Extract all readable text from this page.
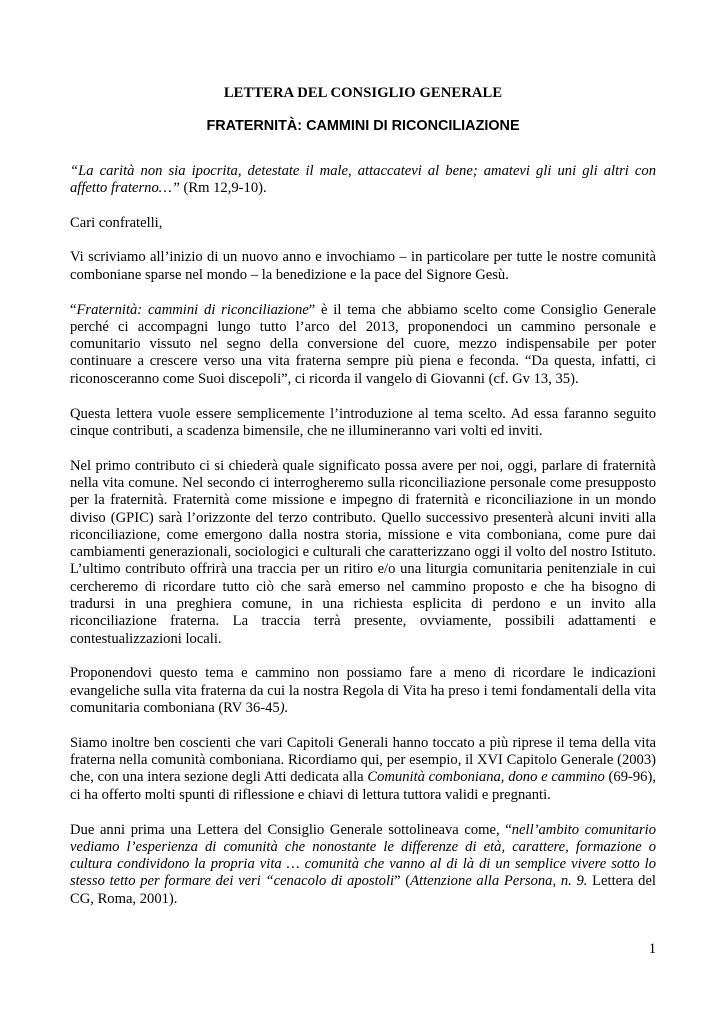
LETTERA DEL CONSIGLIO GENERALE
FRATERNITÀ: CAMMINI DI RICONCILIAZIONE

“La carità non sia ipocrita, detestate il male, attaccatevi al bene; amatevi gli uni gli altri con affetto fraterno…” (Rm 12,9-10).

Cari confratelli,

Vi scriviamo all’inizio di un nuovo anno e invochiamo – in particolare per tutte le nostre comunità comboniane sparse nel mondo – la benedizione e la pace del Signore Gesù.

“Fraternità: cammini di riconciliazione” è il tema che abbiamo scelto come Consiglio Generale perché ci accompagni lungo tutto l’arco del 2013, proponendoci un cammino personale e comunitario vissuto nel segno della conversione del cuore, mezzo indispensabile per poter continuare a crescere verso una vita fraterna sempre più piena e feconda. “Da questa, infatti, ci riconosceranno come Suoi discepoli”, ci ricorda il vangelo di Giovanni (cf. Gv 13, 35).

Questa lettera vuole essere semplicemente l’introduzione al tema scelto. Ad essa faranno seguito cinque contributi, a scadenza bimensile, che ne illumineranno vari volti ed inviti.

Nel primo contributo ci si chiederà quale significato possa avere per noi, oggi, parlare di fraternità nella vita comune. Nel secondo ci interrogheremo sulla riconciliazione personale come presupposto per la fraternità. Fraternità come missione e impegno di fraternità e riconciliazione in un mondo diviso (GPIC) sarà l’orizzonte del terzo contributo. Quello successivo presenterà alcuni inviti alla riconciliazione, come emergono dalla nostra storia, missione e vita comboniana, come pure dai cambiamenti generazionali, sociologici e culturali che caratterizzano oggi il volto del nostro Istituto. L’ultimo contributo offrirà una traccia per un ritiro e/o una liturgia comunitaria penitenziale in cui cercheremo di ricordare tutto ciò che sarà emerso nel cammino proposto e che ha bisogno di tradursi in una preghiera comune, in una richiesta esplicita di perdono e un invito alla riconciliazione fraterna. La traccia terrà presente, ovviamente, possibili adattamenti e contestualizzazioni locali.

Proponendovi questo tema e cammino non possiamo fare a meno di ricordare le indicazioni evangeliche sulla vita fraterna da cui la nostra Regola di Vita ha preso i temi fondamentali della vita comunitaria comboniana (RV 36-45).

Siamo inoltre ben coscienti che vari Capitoli Generali hanno toccato a più riprese il tema della vita fraterna nella comunità comboniana. Ricordiamo qui, per esempio, il XVI Capitolo Generale (2003) che, con una intera sezione degli Atti dedicata alla Comunità comboniana, dono e cammino (69-96), ci ha offerto molti spunti di riflessione e chiavi di lettura tuttora validi e pregnanti.

Due anni prima una Lettera del Consiglio Generale sottolineava come, “nell’ambito comunitario vediamo l’esperienza di comunità che nonostante le differenze di età, carattere, formazione o cultura condividono la propria vita … comunità che vanno al di là di un semplice vivere sotto lo stesso tetto per formare dei veri “cenacolo di apostoli” (Attenzione alla Persona, n. 9. Lettera del CG, Roma, 2001).

1
